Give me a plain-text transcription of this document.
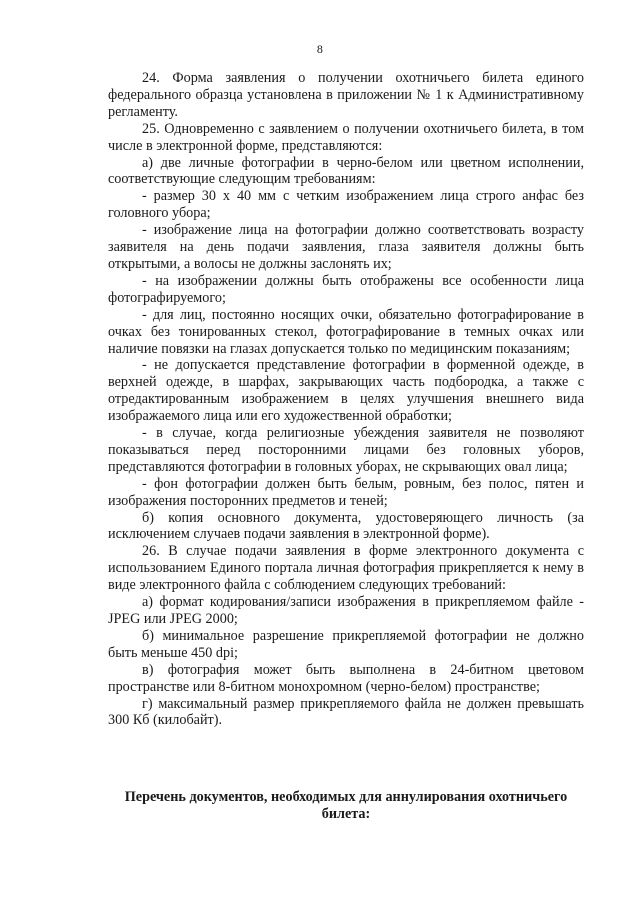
8

24. Форма заявления о получении охотничьего билета единого федерального образца установлена в приложении № 1 к Административному регламенту.

25. Одновременно с заявлением о получении охотничьего билета, в том числе в электронной форме, представляются:

а) две личные фотографии в черно-белом или цветном исполнении, соответствующие следующим требованиям:

- размер 30 х 40 мм с четким изображением лица строго анфас без головного убора;

- изображение лица на фотографии должно соответствовать возрасту заявителя на день подачи заявления, глаза заявителя должны быть открытыми, а волосы не должны заслонять их;

- на изображении должны быть отображены все особенности лица фотографируемого;

- для лиц, постоянно носящих очки, обязательно фотографирование в очках без тонированных стекол, фотографирование в темных очках или наличие повязки на глазах допускается только по медицинским показаниям;

- не допускается представление фотографии в форменной одежде, в верхней одежде, в шарфах, закрывающих часть подбородка, а также с отредактированным изображением в целях улучшения внешнего вида изображаемого лица или его художественной обработки;

- в случае, когда религиозные убеждения заявителя не позволяют показываться перед посторонними лицами без головных уборов, представляются фотографии в головных уборах, не скрывающих овал лица;

- фон фотографии должен быть белым, ровным, без полос, пятен и изображения посторонних предметов и теней;

б) копия основного документа, удостоверяющего личность (за исключением случаев подачи заявления в электронной форме).

26. В случае подачи заявления в форме электронного документа с использованием Единого портала личная фотография прикрепляется к нему в виде электронного файла с соблюдением следующих требований:

а) формат кодирования/записи изображения в прикрепляемом файле - JPEG или JPEG 2000;

б) минимальное разрешение прикрепляемой фотографии не должно быть меньше 450 dpi;

в) фотография может быть выполнена в 24-битном цветовом пространстве или 8-битном монохромном (черно-белом) пространстве;

г) максимальный размер прикрепляемого файла не должен превышать 300 Кб (килобайт).

Перечень документов, необходимых для аннулирования охотничьего билета:
